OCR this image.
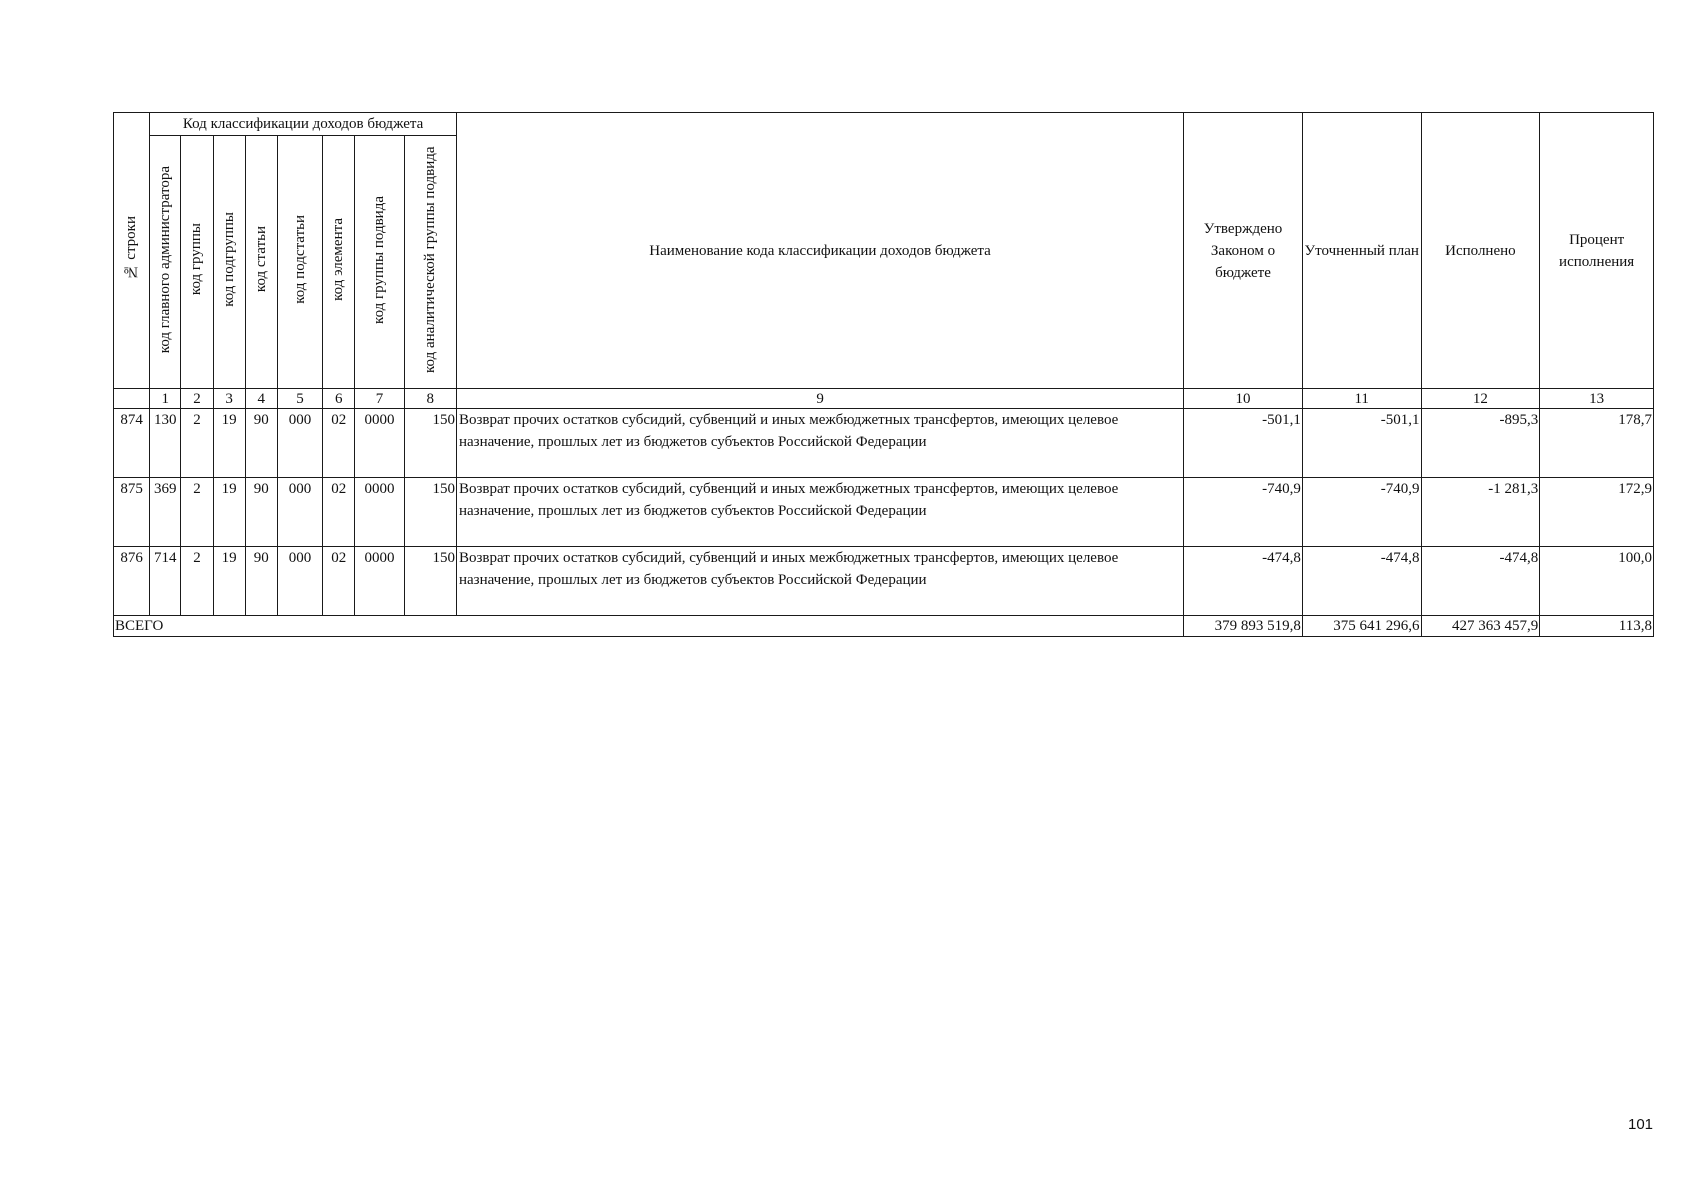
№ строки	Код классификации доходов бюджета								Наименование кода классификации доходов бюджета	Утверждено Законом о бюджете	Уточненный план	Исполнено	Процент исполнения
	код главного администратора	код группы	код подгруппы	код статьи	код подстатьи	код элемента	код группы подвида	код аналитической группы подвида					
	1	2	3	4	5	6	7	8	9	10	11	12	13
874	130	2	19	90	000	02	0000	150	Возврат прочих остатков субсидий, субвенций и иных межбюджетных трансфертов, имеющих целевое назначение, прошлых лет из бюджетов субъектов Российской Федерации	-501,1	-501,1	-895,3	178,7
875	369	2	19	90	000	02	0000	150	Возврат прочих остатков субсидий, субвенций и иных межбюджетных трансфертов, имеющих целевое назначение, прошлых лет из бюджетов субъектов Российской Федерации	-740,9	-740,9	-1 281,3	172,9
876	714	2	19	90	000	02	0000	150	Возврат прочих остатков субсидий, субвенций и иных межбюджетных трансфертов, имеющих целевое назначение, прошлых лет из бюджетов субъектов Российской Федерации	-474,8	-474,8	-474,8	100,0
ВСЕГО										379 893 519,8	375 641 296,6	427 363 457,9	113,8
101
